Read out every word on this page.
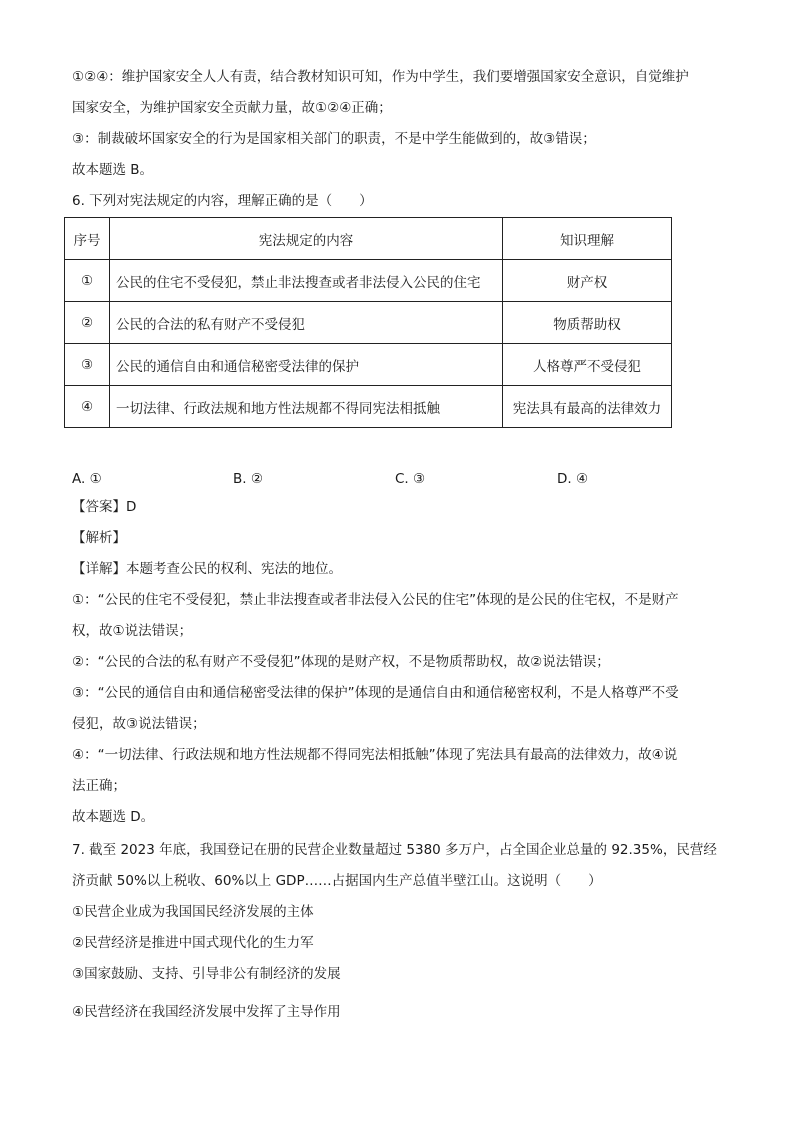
①②④：维护国家安全人人有责，结合教材知识可知，作为中学生，我们要增强国家安全意识，自觉维护
国家安全，为维护国家安全贡献力量，故①②④正确；
③：制裁破坏国家安全的行为是国家相关部门的职责，不是中学生能做到的，故③错误；
故本题选 B。
6. 下列对宪法规定的内容，理解正确的是（　　）
序号	宪法规定的内容	知识理解
①	公民的住宅不受侵犯，禁止非法搜查或者非法侵入公民的住宅	财产权
②	公民的合法的私有财产不受侵犯	物质帮助权
③	公民的通信自由和通信秘密受法律的保护	人格尊严不受侵犯
④	一切法律、行政法规和地方性法规都不得同宪法相抵触	宪法具有最高的法律效力
A. ①	B. ②	C. ③	D. ④
【答案】D
【解析】
【详解】本题考查公民的权利、宪法的地位。
①：“公民的住宅不受侵犯，禁止非法搜查或者非法侵入公民的住宅”体现的是公民的住宅权，不是财产
权，故①说法错误；
②：“公民的合法的私有财产不受侵犯”体现的是财产权，不是物质帮助权，故②说法错误；
③：“公民的通信自由和通信秘密受法律的保护”体现的是通信自由和通信秘密权利，不是人格尊严不受
侵犯，故③说法错误；
④：“一切法律、行政法规和地方性法规都不得同宪法相抵触”体现了宪法具有最高的法律效力，故④说
法正确；
故本题选 D。
7. 截至 2023 年底，我国登记在册的民营企业数量超过 5380 多万户，占全国企业总量的 92.35%，民营经
济贡献 50%以上税收、60%以上 GDP……占据国内生产总值半壁江山。这说明（　　）
①民营企业成为我国国民经济发展的主体
②民营经济是推进中国式现代化的生力军
③国家鼓励、支持、引导非公有制经济的发展
④民营经济在我国经济发展中发挥了主导作用
